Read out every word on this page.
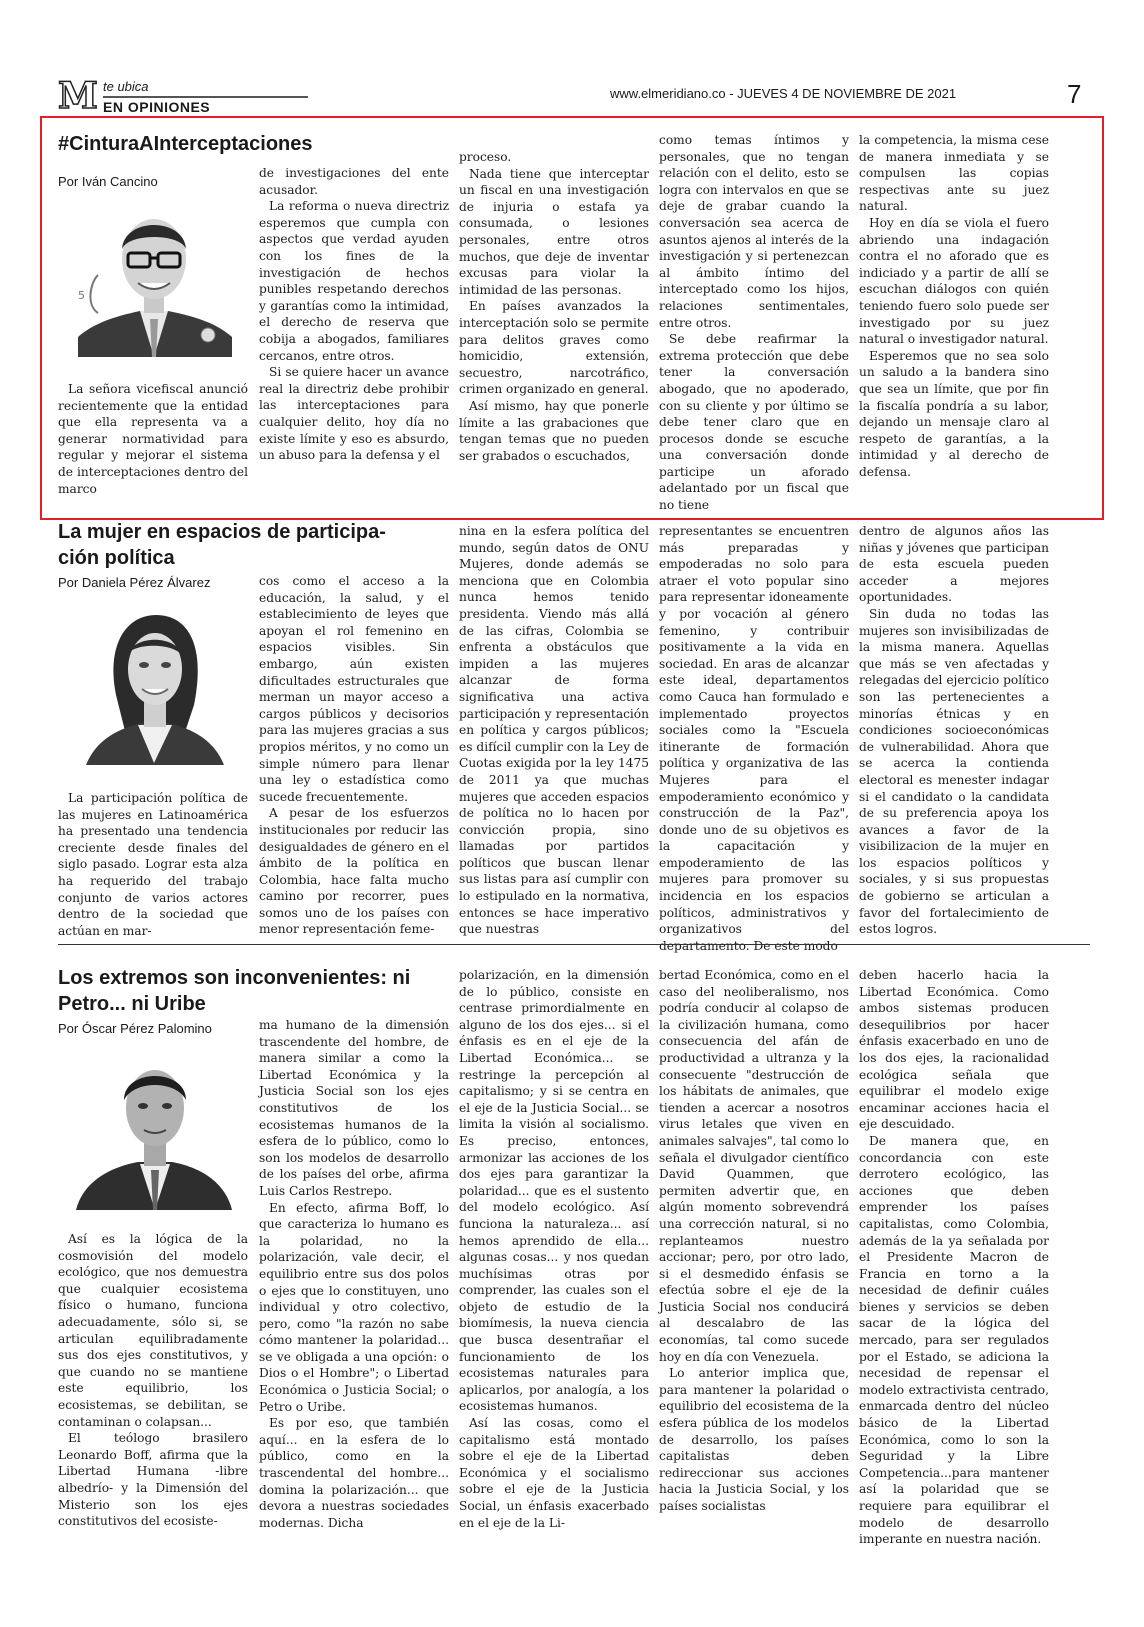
M te ubica
EN OPINIONES
www.elmeridiano.co - JUEVES 4 DE NOVIEMBRE DE 2021	7
#CinturaAInterceptaciones
Por Iván Cancino
5

La señora vicefiscal anunció recientemente que la entidad que ella representa va a generar normatividad para regular y mejorar el sistema de interceptaciones dentro del marco

de investigaciones del ente acusador.

La reforma o nueva directriz esperemos que cumpla con aspectos que verdad ayuden con los fines de la investigación de hechos punibles respetando derechos y garantías como la intimidad, el derecho de reserva que cobija a abogados, familiares cercanos, entre otros.

Si se quiere hacer un avance real la directriz debe prohibir las interceptaciones para cualquier delito, hoy día no existe límite y eso es absurdo, un abuso para la defensa y el

proceso.

Nada tiene que interceptar un fiscal en una investigación de injuria o estafa ya consumada, o lesiones personales, entre otros muchos, que deje de inventar excusas para violar la intimidad de las personas.

En países avanzados la interceptación solo se permite para delitos graves como homicidio, extensión, secuestro, narcotráfico, crimen organizado en general.

Así mismo, hay que ponerle límite a las grabaciones que tengan temas que no pueden ser grabados o escuchados,

como temas íntimos y personales, que no tengan relación con el delito, esto se logra con intervalos en que se deje de grabar cuando la conversación sea acerca de asuntos ajenos al interés de la investigación y si pertenezcan al ámbito íntimo del interceptado como los hijos, relaciones sentimentales, entre otros.

Se debe reafirmar la extrema protección que debe tener la conversación abogado, que no apoderado, con su cliente y por último se debe tener claro que en procesos donde se escuche una conversación donde participe un aforado adelantado por un fiscal que no tiene

la competencia, la misma cese de manera inmediata y se compulsen las copias respectivas ante su juez natural.

Hoy en día se viola el fuero abriendo una indagación contra el no aforado que es indiciado y a partir de allí se escuchan diálogos con quién teniendo fuero solo puede ser investigado por su juez natural o investigador natural.

Esperemos que no sea solo un saludo a la bandera sino que sea un límite, que por fin la fiscalía pondría a su labor, dejando un mensaje claro al respeto de garantías, a la intimidad y al derecho de defensa.

La mujer en espacios de participa-
ción política
Por Daniela Pérez Álvarez

La participación política de las mujeres en Latinoamérica ha presentado una tendencia creciente desde finales del siglo pasado. Lograr esta alza ha requerido del trabajo conjunto de varios actores dentro de la sociedad que actúan en mar-

cos como el acceso a la educación, la salud, y el establecimiento de leyes que apoyan el rol femenino en espacios visibles. Sin embargo, aún existen dificultades estructurales que merman un mayor acceso a cargos públicos y decisorios para las mujeres gracias a sus propios méritos, y no como un simple número para llenar una ley o estadística como sucede frecuentemente.

A pesar de los esfuerzos institucionales por reducir las desigualdades de género en el ámbito de la política en Colombia, hace falta mucho camino por recorrer, pues somos uno de los países con menor representación feme-

nina en la esfera política del mundo, según datos de ONU Mujeres, donde además se menciona que en Colombia nunca hemos tenido presidenta. Viendo más allá de las cifras, Colombia se enfrenta a obstáculos que impiden a las mujeres alcanzar de forma significativa una activa participación y representación en política y cargos públicos; es difícil cumplir con la Ley de Cuotas exigida por la ley 1475 de 2011 ya que muchas mujeres que acceden espacios de política no lo hacen por convicción propia, sino llamadas por partidos políticos que buscan llenar sus listas para así cumplir con lo estipulado en la normativa, entonces se hace imperativo que nuestras

representantes se encuentren más preparadas y empoderadas no solo para atraer el voto popular sino para representar idoneamente y por vocación al género femenino, y contribuir positivamente a la vida en sociedad. En aras de alcanzar este ideal, departamentos como Cauca han formulado e implementado proyectos sociales como la "Escuela itinerante de formación política y organizativa de las Mujeres para el empoderamiento económico y construcción de la Paz", donde uno de su objetivos es la capacitación y empoderamiento de las mujeres para promover su incidencia en los espacios políticos, administrativos y organizativos del departamento. De este modo

dentro de algunos años las niñas y jóvenes que participan de esta escuela pueden acceder a mejores oportunidades.

Sin duda no todas las mujeres son invisibilizadas de la misma manera. Aquellas que más se ven afectadas y relegadas del ejercicio político son las pertenecientes a minorías étnicas y en condiciones socioeconómicas de vulnerabilidad. Ahora que se acerca la contienda electoral es menester indagar si el candidato o la candidata de su preferencia apoya los avances a favor de la visibilizacion de la mujer en los espacios políticos y sociales, y si sus propuestas de gobierno se articulan a favor del fortalecimiento de estos logros.

Los extremos son inconvenientes: ni
Petro... ni Uribe
Por Óscar Pérez Palomino

Así es la lógica de la cosmovisión del modelo ecológico, que nos demuestra que cualquier ecosistema físico o humano, funciona adecuadamente, sólo si, se articulan equilibradamente sus dos ejes constitutivos, y que cuando no se mantiene este equilibrio, los ecosistemas, se debilitan, se contaminan o colapsan...

El teólogo brasilero Leonardo Boff, afirma que la Libertad Humana -libre albedrío- y la Dimensión del Misterio son los ejes constitutivos del ecosiste-

ma humano de la dimensión trascendente del hombre, de manera similar a como la Libertad Económica y la Justicia Social son los ejes constitutivos de los ecosistemas humanos de la esfera de lo público, como lo son los modelos de desarrollo de los países del orbe, afirma Luis Carlos Restrepo.

En efecto, afirma Boff, lo que caracteriza lo humano es la polaridad, no la polarización, vale decir, el equilibrio entre sus dos polos o ejes que lo constituyen, uno individual y otro colectivo, pero, como "la razón no sabe cómo mantener la polaridad... se ve obligada a una opción: o Dios o el Hombre"; o Libertad Económica o Justicia Social; o Petro o Uribe.

Es por eso, que también aquí... en la esfera de lo público, como en la trascendental del hombre... domina la polarización... que devora a nuestras sociedades modernas. Dicha

polarización, en la dimensión de lo público, consiste en centrase primordialmente en alguno de los dos ejes... si el énfasis es en el eje de la Libertad Económica... se restringe la percepción al capitalismo; y si se centra en el eje de la Justicia Social... se limita la visión al socialismo. Es preciso, entonces, armonizar las acciones de los dos ejes para garantizar la polaridad... que es el sustento del modelo ecológico. Así funciona la naturaleza... así hemos aprendido de ella... algunas cosas... y nos quedan muchísimas otras por comprender, las cuales son el objeto de estudio de la biomímesis, la nueva ciencia que busca desentrañar el funcionamiento de los ecosistemas naturales para aplicarlos, por analogía, a los ecosistemas humanos.

Así las cosas, como el capitalismo está montado sobre el eje de la Libertad Económica y el socialismo sobre el eje de la Justicia Social, un énfasis exacerbado en el eje de la Li-

bertad Económica, como en el caso del neoliberalismo, nos podría conducir al colapso de la civilización humana, como consecuencia del afán de productividad a ultranza y la consecuente "destrucción de los hábitats de animales, que tienden a acercar a nosotros virus letales que viven en animales salvajes", tal como lo señala el divulgador científico David Quammen, que permiten advertir que, en algún momento sobrevendrá una corrección natural, si no replanteamos nuestro accionar; pero, por otro lado, si el desmedido énfasis se efectúa sobre el eje de la Justicia Social nos conducirá al descalabro de las economías, tal como sucede hoy en día con Venezuela.

Lo anterior implica que, para mantener la polaridad o equilibrio del ecosistema de la esfera pública de los modelos de desarrollo, los países capitalistas deben redireccionar sus acciones hacia la Justicia Social, y los países socialistas

deben hacerlo hacia la Libertad Económica. Como ambos sistemas producen desequilibrios por hacer énfasis exacerbado en uno de los dos ejes, la racionalidad ecológica señala que equilibrar el modelo exige encaminar acciones hacia el eje descuidado.

De manera que, en concordancia con este derrotero ecológico, las acciones que deben emprender los países capitalistas, como Colombia, además de la ya señalada por el Presidente Macron de Francia en torno a la necesidad de definir cuáles bienes y servicios se deben sacar de la lógica del mercado, para ser regulados por el Estado, se adiciona la necesidad de repensar el modelo extractivista centrado, enmarcada dentro del núcleo básico de la Libertad Económica, como lo son la Seguridad y la Libre Competencia...para mantener así la polaridad que se requiere para equilibrar el modelo de desarrollo imperante en nuestra nación.
